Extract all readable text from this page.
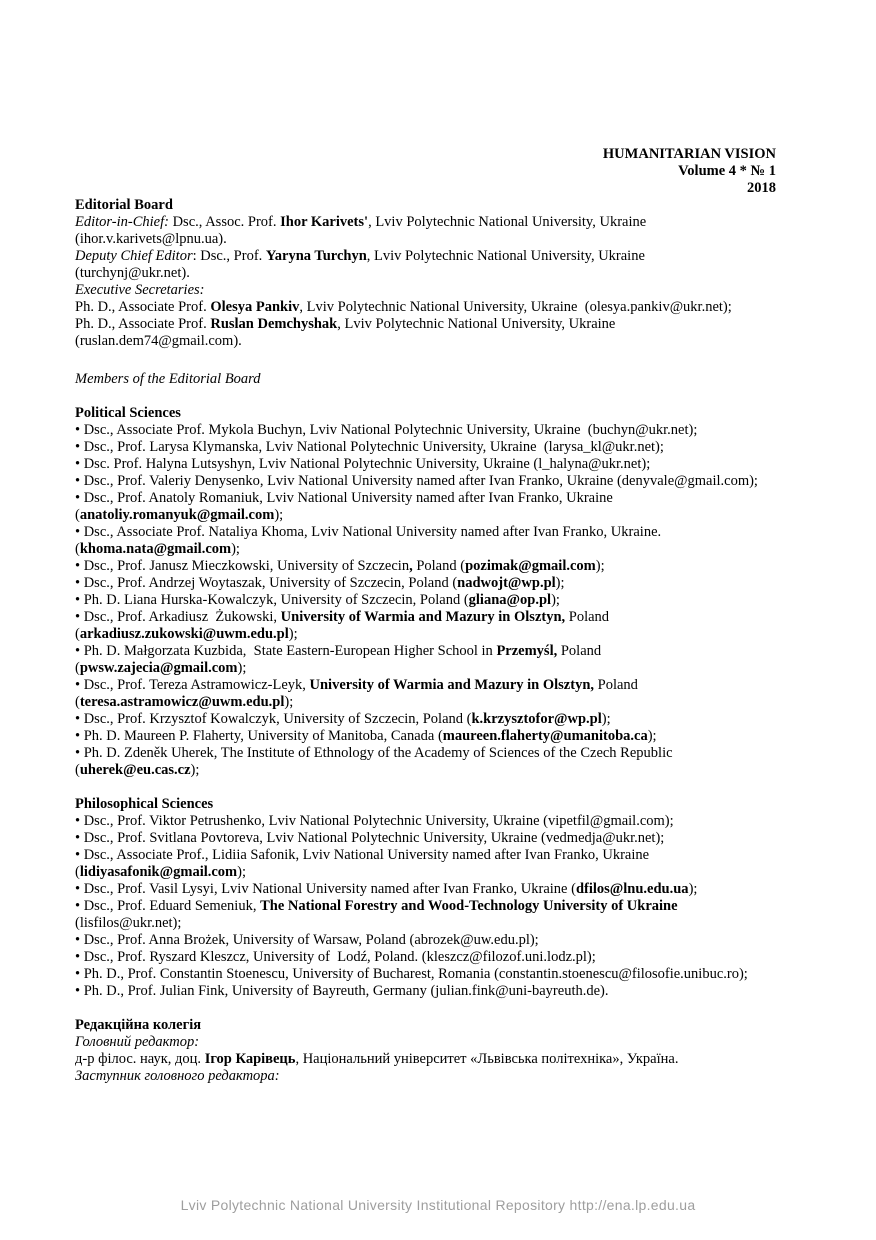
HUMANITARIAN VISION
Volume 4 * № 1
2018
Editorial Board
Editor-in-Chief: Dsc., Assoc. Prof. Ihor Karivets', Lviv Polytechnic National University, Ukraine
(ihor.v.karivets@lpnu.ua).
Deputy Chief Editor: Dsc., Prof. Yaryna Turchyn, Lviv Polytechnic National University, Ukraine
(turchynj@ukr.net).
Executive Secretaries:
Ph. D., Associate Prof. Olesya Pankiv, Lviv Polytechnic National University, Ukraine  (olesya.pankiv@ukr.net);
Ph. D., Associate Prof. Ruslan Demchyshak, Lviv Polytechnic National University, Ukraine
(ruslan.dem74@gmail.com).
Members of the Editorial Board
Political Sciences
• Dsc., Associate Prof. Mykola Buchyn, Lviv National Polytechnic University, Ukraine  (buchyn@ukr.net);
• Dsc., Prof. Larysa Klymanska, Lviv National Polytechnic University, Ukraine  (larysa_kl@ukr.net);
• Dsc. Prof. Halyna Lutsyshyn, Lviv National Polytechnic University, Ukraine (l_halyna@ukr.net);
• Dsc., Prof. Valeriy Denysenko, Lviv National University named after Ivan Franko, Ukraine (denyvale@gmail.com);
• Dsc., Prof. Anatoly Romaniuk, Lviv National University named after Ivan Franko, Ukraine
(anatoliy.romanyuk@gmail.com);
• Dsc., Associate Prof. Nataliya Khoma, Lviv National University named after Ivan Franko, Ukraine.
(khoma.nata@gmail.com);
• Dsc., Prof. Janusz Mieczkowski, University of Szczecin, Poland (pozimak@gmail.com);
• Dsc., Prof. Andrzej Woytaszak, University of Szczecin, Poland (nadwojt@wp.pl);
• Ph. D. Liana Hurska-Kowalczyk, University of Szczecin, Poland (gliana@op.pl);
• Dsc., Prof. Arkadiusz  Żukowski, University of Warmia and Mazury in Olsztyn, Poland
(arkadiusz.zukowski@uwm.edu.pl);
• Ph. D. Małgorzata Kuzbida,  State Eastern-European Higher School in Przemyśl, Poland
(pwsw.zajecia@gmail.com);
• Dsc., Prof. Tereza Astramowicz-Leyk, University of Warmia and Mazury in Olsztyn, Poland
(teresa.astramowicz@uwm.edu.pl);
• Dsc., Prof. Krzysztof Kowalczyk, University of Szczecin, Poland (k.krzysztofor@wp.pl);
• Ph. D. Maureen P. Flaherty, University of Manitoba, Canada (maureen.flaherty@umanitoba.ca);
• Ph. D. Zdeněk Uherek, The Institute of Ethnology of the Academy of Sciences of the Czech Republic
(uherek@eu.cas.cz);
Philosophical Sciences
• Dsc., Prof. Viktor Petrushenko, Lviv National Polytechnic University, Ukraine (vipetfil@gmail.com);
• Dsc., Prof. Svitlana Povtoreva, Lviv National Polytechnic University, Ukraine (vedmedja@ukr.net);
• Dsc., Associate Prof., Lidiia Safonik, Lviv National University named after Ivan Franko, Ukraine
(lidiyasafonik@gmail.com);
• Dsc., Prof. Vasil Lysyi, Lviv National University named after Ivan Franko, Ukraine (dfilos@lnu.edu.ua);
• Dsc., Prof. Eduard Semeniuk, The National Forestry and Wood-Technology University of Ukraine
(lisfilos@ukr.net);
• Dsc., Prof. Anna Brożek, University of Warsaw, Poland (abrozek@uw.edu.pl);
• Dsc., Prof. Ryszard Kleszcz, University of  Lodź, Poland. (kleszcz@filozof.uni.lodz.pl);
• Ph. D., Prof. Constantin Stoenescu, University of Bucharest, Romania (constantin.stoenescu@filosofie.unibuc.ro);
• Ph. D., Prof. Julian Fink, University of Bayreuth, Germany (julian.fink@uni-bayreuth.de).
Редакційна колегія
Головний редактор:
д-р філос. наук, доц. Ігор Карівець, Національний університет «Львівська політехніка», Україна.
Заступник головного редактора:
Lviv Polytechnic National University Institutional Repository http://ena.lp.edu.ua
